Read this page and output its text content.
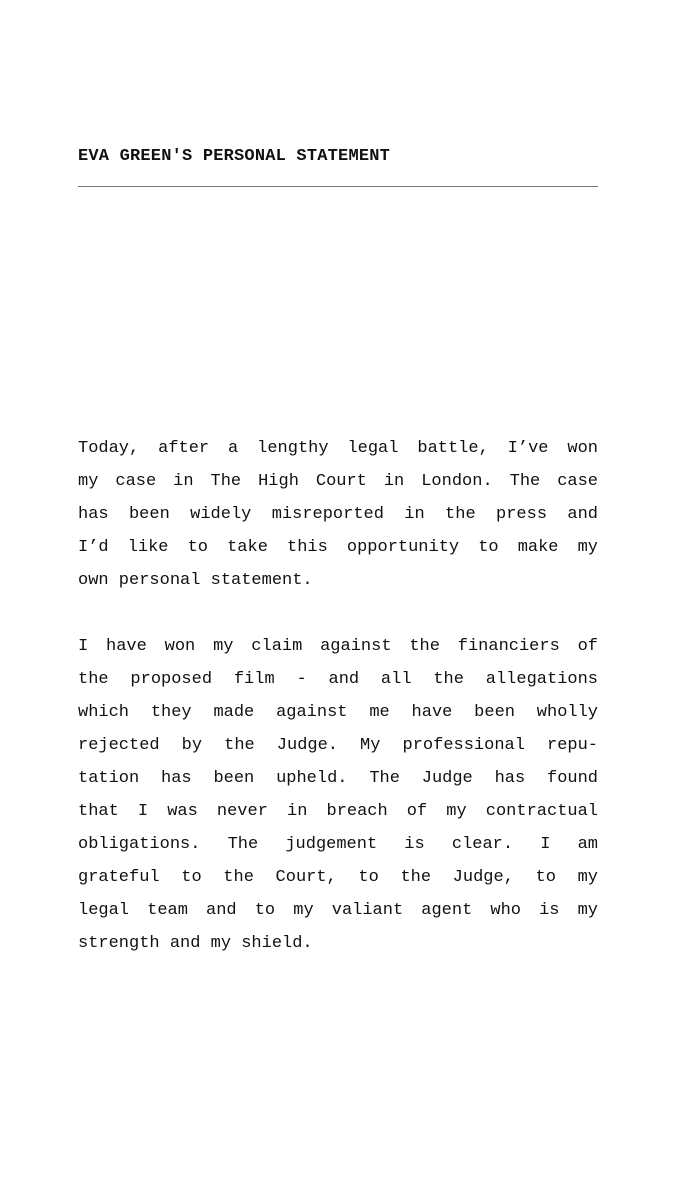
EVA GREEN'S PERSONAL STATEMENT
Today, after a lengthy legal battle, I’ve won
my case in The High Court in London. The case
has been widely misreported in the press and
I’d like to take this opportunity to make my
own personal statement.
I have won my claim against the financiers of
the proposed film - and all the allegations
which they made against me have been wholly
rejected by the Judge. My professional repu-
tation has been upheld. The Judge has found
that I was never in breach of my contractual
obligations. The judgement is clear. I am
grateful to the Court, to the Judge, to my
legal team and to my valiant agent who is my
strength and my shield.
